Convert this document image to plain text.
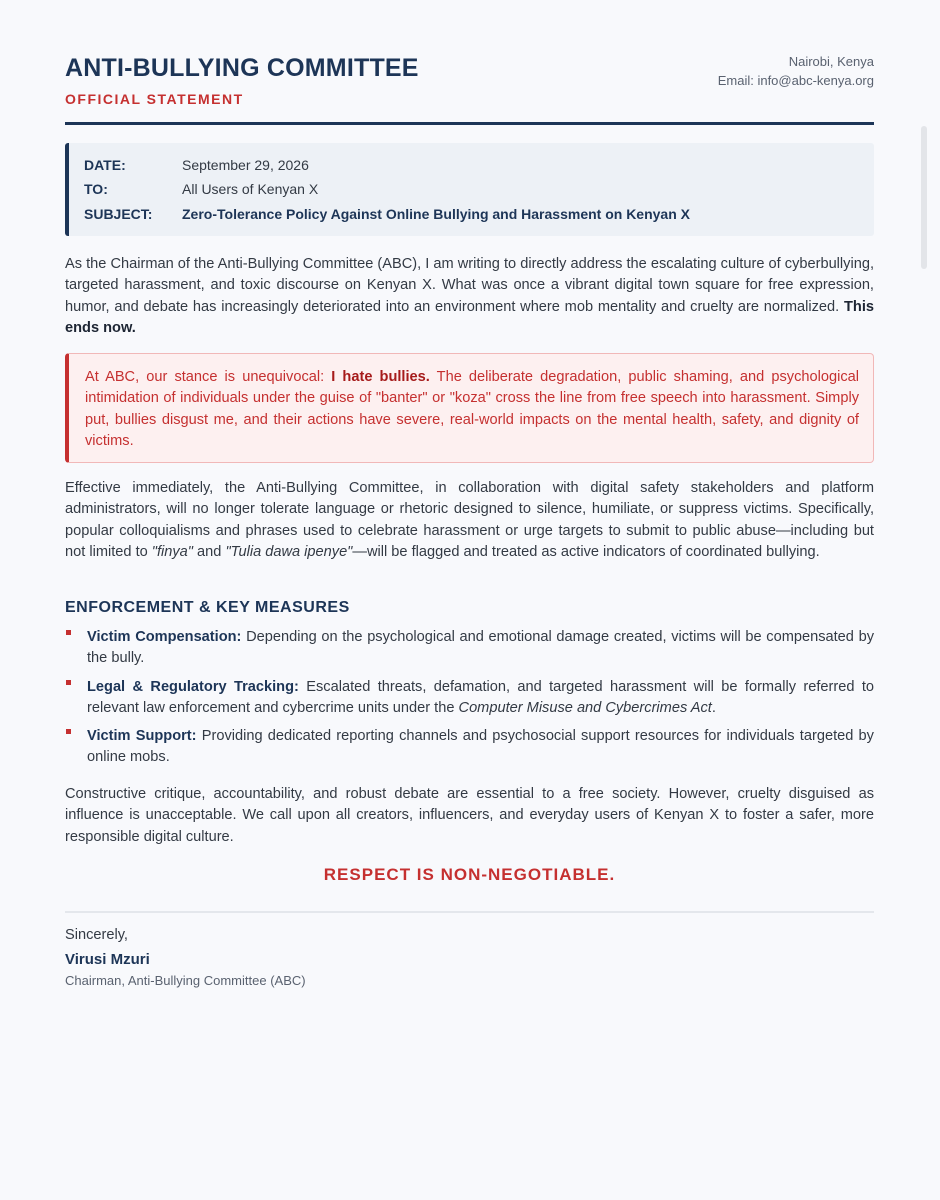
ANTI-BULLYING COMMITTEE
OFFICIAL STATEMENT
Nairobi, Kenya
Email: info@abc-kenya.org
DATE:	September 29, 2026
TO:	All Users of Kenyan X
SUBJECT: Zero-Tolerance Policy Against Online Bullying and Harassment on Kenyan X

As the Chairman of the Anti-Bullying Committee (ABC), I am writing to directly address the escalating culture of cyberbullying, targeted harassment, and toxic discourse on Kenyan X. What was once a vibrant digital town square for free expression, humor, and debate has increasingly deteriorated into an environment where mob mentality and cruelty are normalized. This ends now.

At ABC, our stance is unequivocal: I hate bullies. The deliberate degradation, public shaming, and psychological intimidation of individuals under the guise of "banter" or "koza" cross the line from free speech into harassment. Simply put, bullies disgust me, and their actions have severe, real-world impacts on the mental health, safety, and dignity of victims.

Effective immediately, the Anti-Bullying Committee, in collaboration with digital safety stakeholders and platform administrators, will no longer tolerate language or rhetoric designed to silence, humiliate, or suppress victims. Specifically, popular colloquialisms and phrases used to celebrate harassment or urge targets to submit to public abuse—including but not limited to "finya" and "Tulia dawa ipenye"—will be flagged and treated as active indicators of coordinated bullying.

ENFORCEMENT & KEY MEASURES
Victim Compensation: Depending on the psychological and emotional damage created, victims will be compensated by the bully.
Legal & Regulatory Tracking: Escalated threats, defamation, and targeted harassment will be formally referred to relevant law enforcement and cybercrime units under the Computer Misuse and Cybercrimes Act.
Victim Support: Providing dedicated reporting channels and psychosocial support resources for individuals targeted by online mobs.

Constructive critique, accountability, and robust debate are essential to a free society. However, cruelty disguised as influence is unacceptable. We call upon all creators, influencers, and everyday users of Kenyan X to foster a safer, more responsible digital culture.

RESPECT IS NON-NEGOTIABLE.
Sincerely,
Virusi Mzuri
Chairman, Anti-Bullying Committee (ABC)
